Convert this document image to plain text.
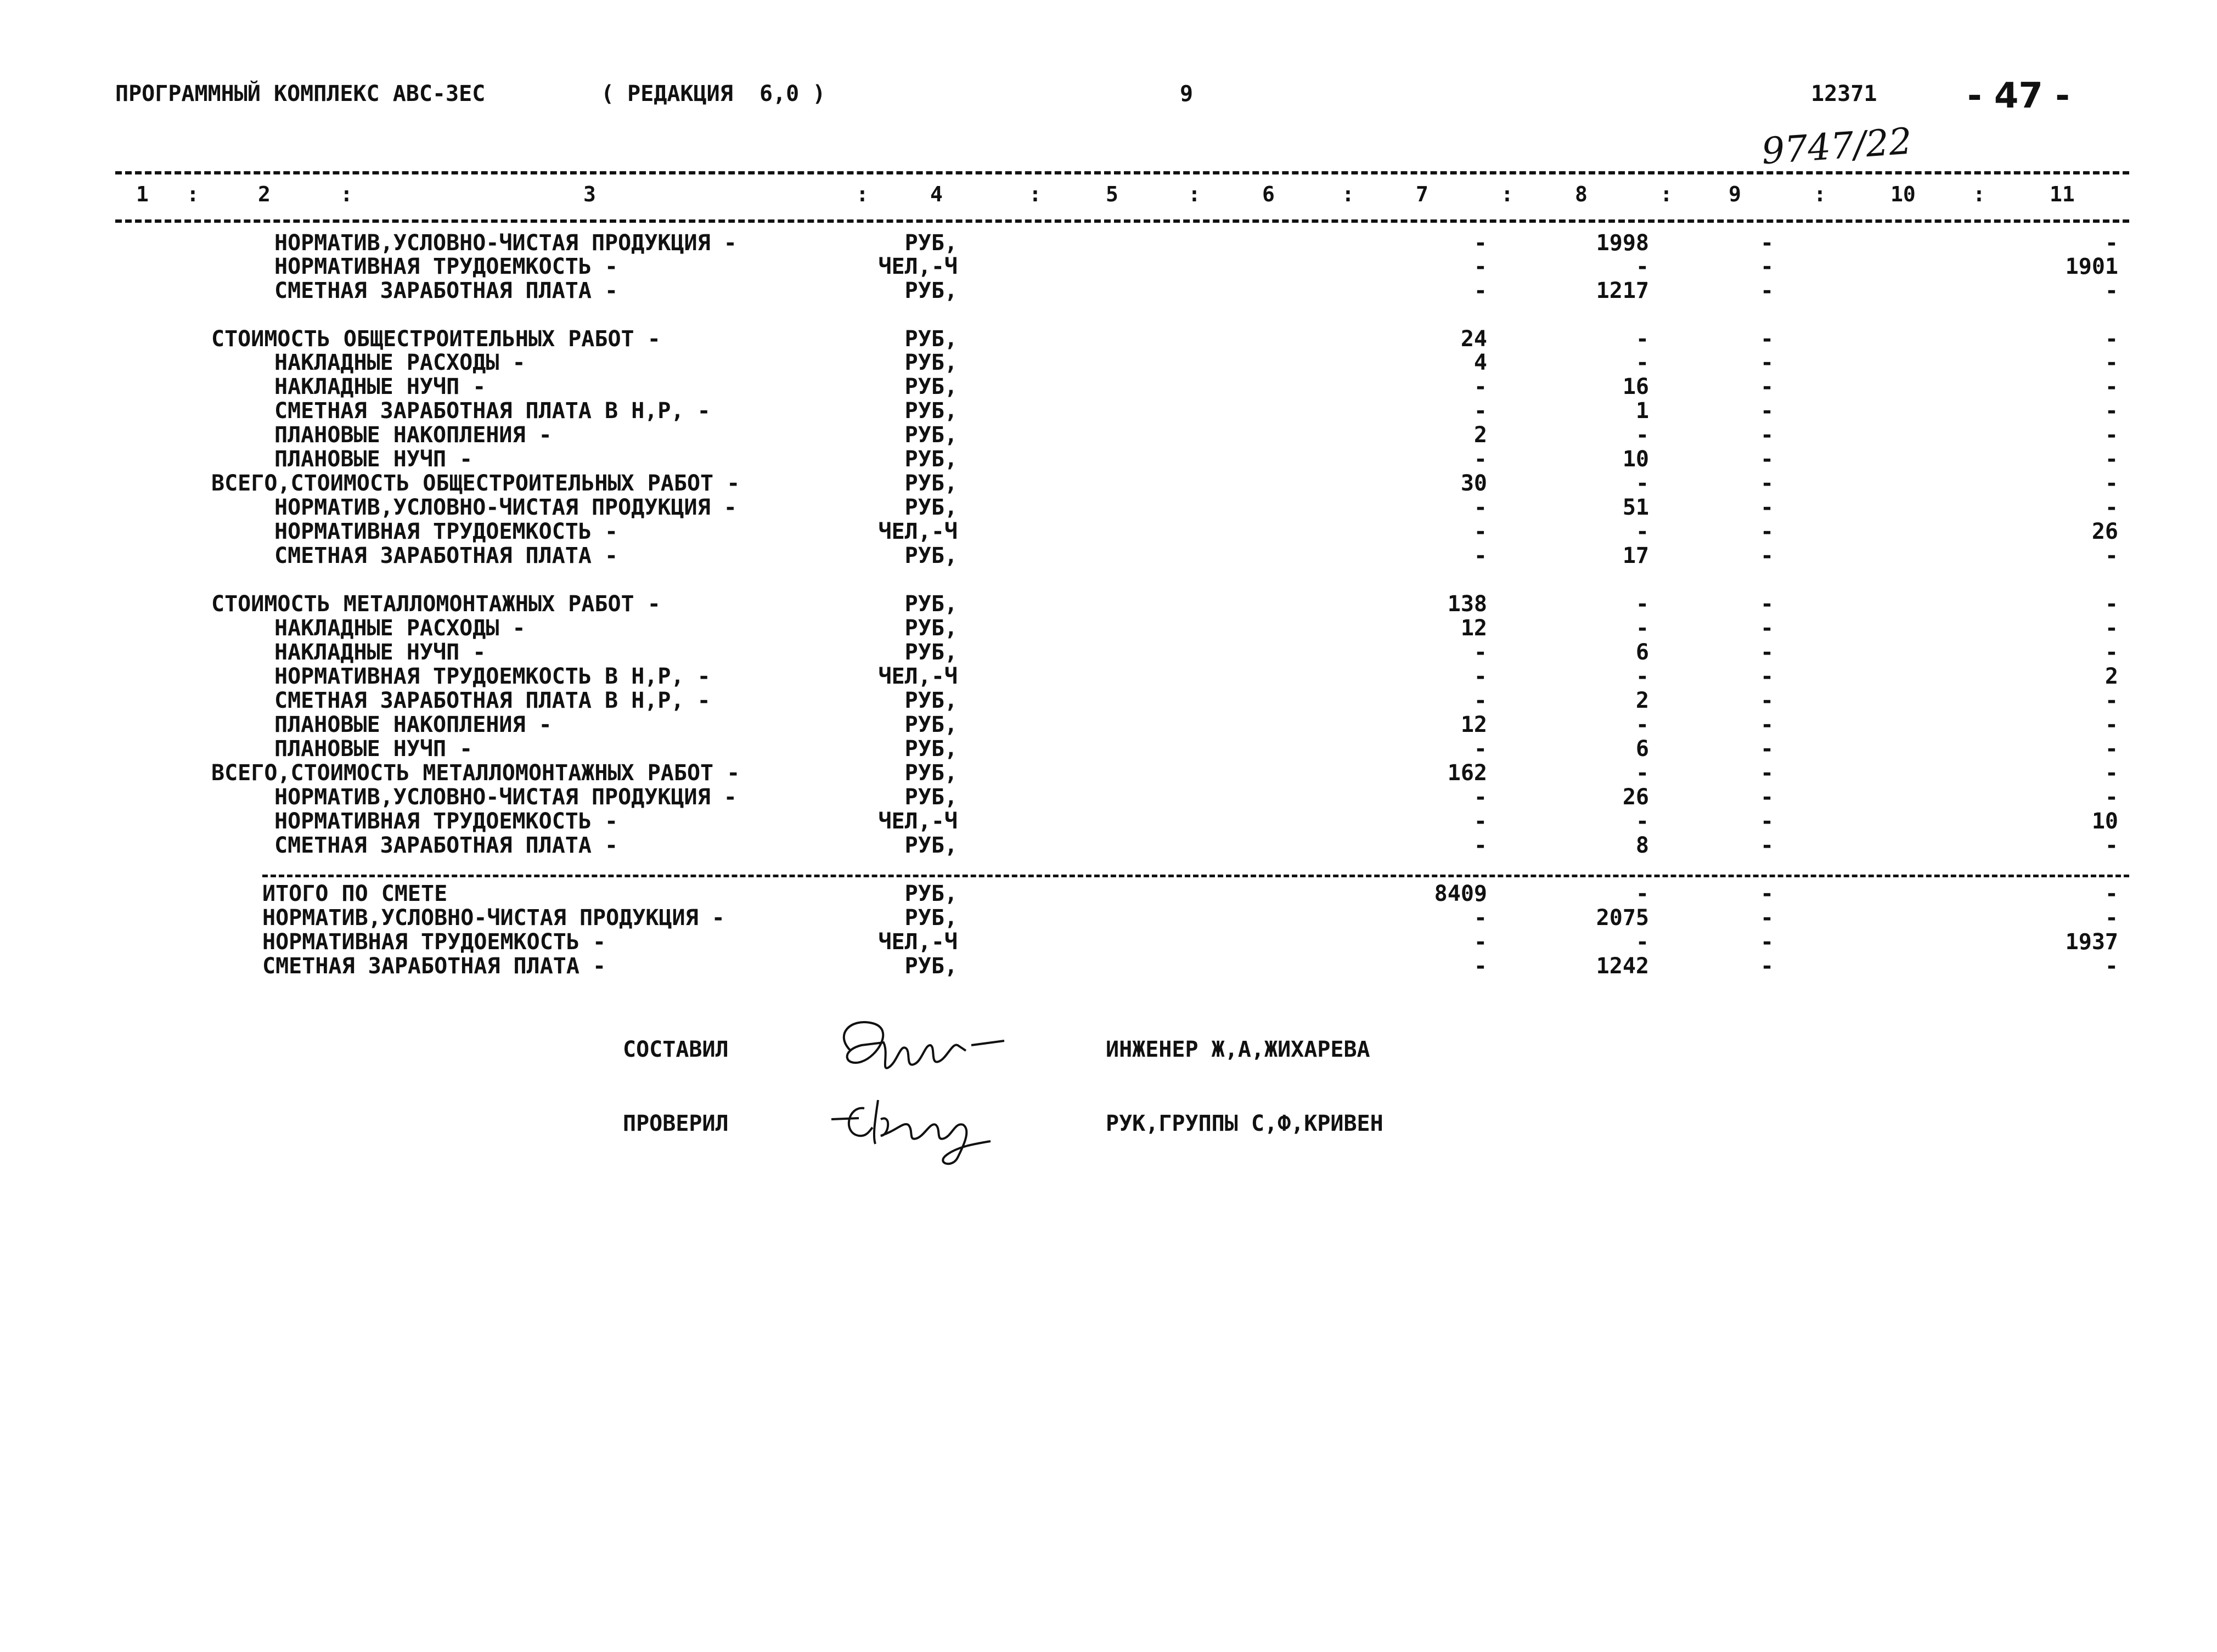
ПРОГРАММНЫЙ КОМПЛЕКС АВС-ЗЕС	( РЕДАКЦИЯ  6,0 )	9	12371	- 47 -
9747/22
1	2	3	4	5	6	7	8	9	10	11
:	:	:	:	:	:	:	:	:	:
НОРМАТИВ,УСЛОВНО-ЧИСТАЯ ПРОДУКЦИЯ -	РУБ,	-	1998	-	-
НОРМАТИВНАЯ ТРУДОЕМКОСТЬ -	ЧЕЛ,-Ч	-	-	-	1901
СМЕТНАЯ ЗАРАБОТНАЯ ПЛАТА -	РУБ,	-	1217	-	-
СТОИМОСТЬ ОБЩЕСТРОИТЕЛЬНЫХ РАБОТ -	РУБ,	24	-	-	-
НАКЛАДНЫЕ РАСХОДЫ -	РУБ,	4	-	-	-
НАКЛАДНЫЕ НУЧП -	РУБ,	-	16	-	-
СМЕТНАЯ ЗАРАБОТНАЯ ПЛАТА В Н,Р, -	РУБ,	-	1	-	-
ПЛАНОВЫЕ НАКОПЛЕНИЯ -	РУБ,	2	-	-	-
ПЛАНОВЫЕ НУЧП -	РУБ,	-	10	-	-
ВСЕГО,СТОИМОСТЬ ОБЩЕСТРОИТЕЛЬНЫХ РАБОТ -	РУБ,	30	-	-	-
НОРМАТИВ,УСЛОВНО-ЧИСТАЯ ПРОДУКЦИЯ -	РУБ,	-	51	-	-
НОРМАТИВНАЯ ТРУДОЕМКОСТЬ -	ЧЕЛ,-Ч	-	-	-	26
СМЕТНАЯ ЗАРАБОТНАЯ ПЛАТА -	РУБ,	-	17	-	-
СТОИМОСТЬ МЕТАЛЛОМОНТАЖНЫХ РАБОТ -	РУБ,	138	-	-	-
НАКЛАДНЫЕ РАСХОДЫ -	РУБ,	12	-	-	-
НАКЛАДНЫЕ НУЧП -	РУБ,	-	6	-	-
НОРМАТИВНАЯ ТРУДОЕМКОСТЬ В Н,Р, -	ЧЕЛ,-Ч	-	-	-	2
СМЕТНАЯ ЗАРАБОТНАЯ ПЛАТА В Н,Р, -	РУБ,	-	2	-	-
ПЛАНОВЫЕ НАКОПЛЕНИЯ -	РУБ,	12	-	-	-
ПЛАНОВЫЕ НУЧП -	РУБ,	-	6	-	-
ВСЕГО,СТОИМОСТЬ МЕТАЛЛОМОНТАЖНЫХ РАБОТ -	РУБ,	162	-	-	-
НОРМАТИВ,УСЛОВНО-ЧИСТАЯ ПРОДУКЦИЯ -	РУБ,	-	26	-	-
НОРМАТИВНАЯ ТРУДОЕМКОСТЬ -	ЧЕЛ,-Ч	-	-	-	10
СМЕТНАЯ ЗАРАБОТНАЯ ПЛАТА -	РУБ,	-	8	-	-
ИТОГО ПО СМЕТЕ	РУБ,	8409	-	-	-
НОРМАТИВ,УСЛОВНО-ЧИСТАЯ ПРОДУКЦИЯ -	РУБ,	-	2075	-	-
НОРМАТИВНАЯ ТРУДОЕМКОСТЬ -	ЧЕЛ,-Ч	-	-	-	1937
СМЕТНАЯ ЗАРАБОТНАЯ ПЛАТА -	РУБ,	-	1242	-	-
СОСТАВИЛ	ИНЖЕНЕР Ж,А,ЖИХАРЕВА
ПРОВЕРИЛ	РУК,ГРУППЫ С,Ф,КРИВЕН
